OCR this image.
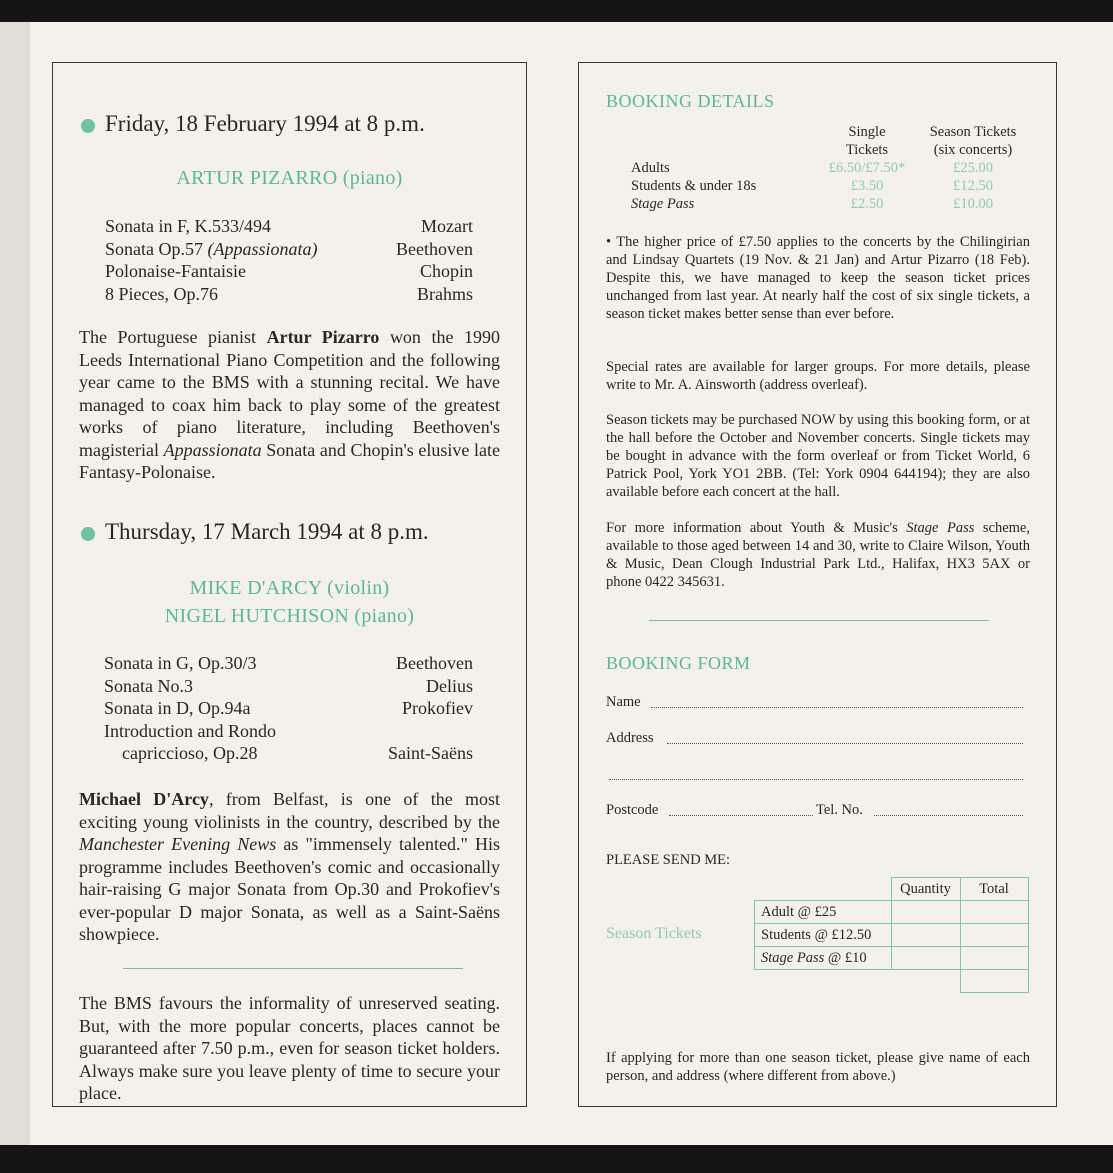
Friday, 18 February 1994 at 8 p.m.
ARTUR PIZARRO (piano)
Sonata in F, K.533/494	Mozart
Sonata Op.57 (Appassionata)	Beethoven
Polonaise-Fantaisie	Chopin
8 Pieces, Op.76	Brahms
The Portuguese pianist Artur Pizarro won the 1990 Leeds International Piano Competition and the following year came to the BMS with a stunning recital. We have managed to coax him back to play some of the greatest works of piano literature, including Beethoven's magisterial Appassionata Sonata and Chopin's elusive late Fantasy-Polonaise.
Thursday, 17 March 1994 at 8 p.m.
MIKE D'ARCY (violin)
NIGEL HUTCHISON (piano)
Sonata in G, Op.30/3	Beethoven
Sonata No.3	Delius
Sonata in D, Op.94a	Prokofiev
Introduction and Rondo
capriccioso, Op.28	Saint-Saëns
Michael D'Arcy, from Belfast, is one of the most exciting young violinists in the country, described by the Manchester Evening News as "immensely talented." His programme includes Beethoven's comic and occasionally hair-raising G major Sonata from Op.30 and Prokofiev's ever-popular D major Sonata, as well as a Saint-Saëns showpiece.
The BMS favours the informality of unreserved seating. But, with the more popular concerts, places cannot be guaranteed after 7.50 p.m., even for season ticket holders. Always make sure you leave plenty of time to secure your place.
BOOKING DETAILS
Single
Tickets
Season Tickets
(six concerts)
Adults	£6.50/£7.50*	£25.00
Students & under 18s	£3.50	£12.50
Stage Pass	£2.50	£10.00
• The higher price of £7.50 applies to the concerts by the Chilingirian and Lindsay Quartets (19 Nov. & 21 Jan) and Artur Pizarro (18 Feb). Despite this, we have managed to keep the season ticket prices unchanged from last year. At nearly half the cost of six single tickets, a season ticket makes better sense than ever before.
Special rates are available for larger groups. For more details, please write to Mr. A. Ainsworth (address overleaf).
Season tickets may be purchased NOW by using this booking form, or at the hall before the October and November concerts. Single tickets may be bought in advance with the form overleaf or from Ticket World, 6 Patrick Pool, York YO1 2BB. (Tel: York 0904 644194); they are also available before each concert at the hall.
For more information about Youth & Music's Stage Pass scheme, available to those aged between 14 and 30, write to Claire Wilson, Youth & Music, Dean Clough Industrial Park Ltd., Halifax, HX3 5AX or phone 0422 345631.
BOOKING FORM
Name
Address
Postcode	Tel. No.
PLEASE SEND ME:
Season Tickets
	Quantity	Total
Adult @ £25		
Students @ £12.50		
Stage Pass @ £10		

If applying for more than one season ticket, please give name of each person, and address (where different from above.)
